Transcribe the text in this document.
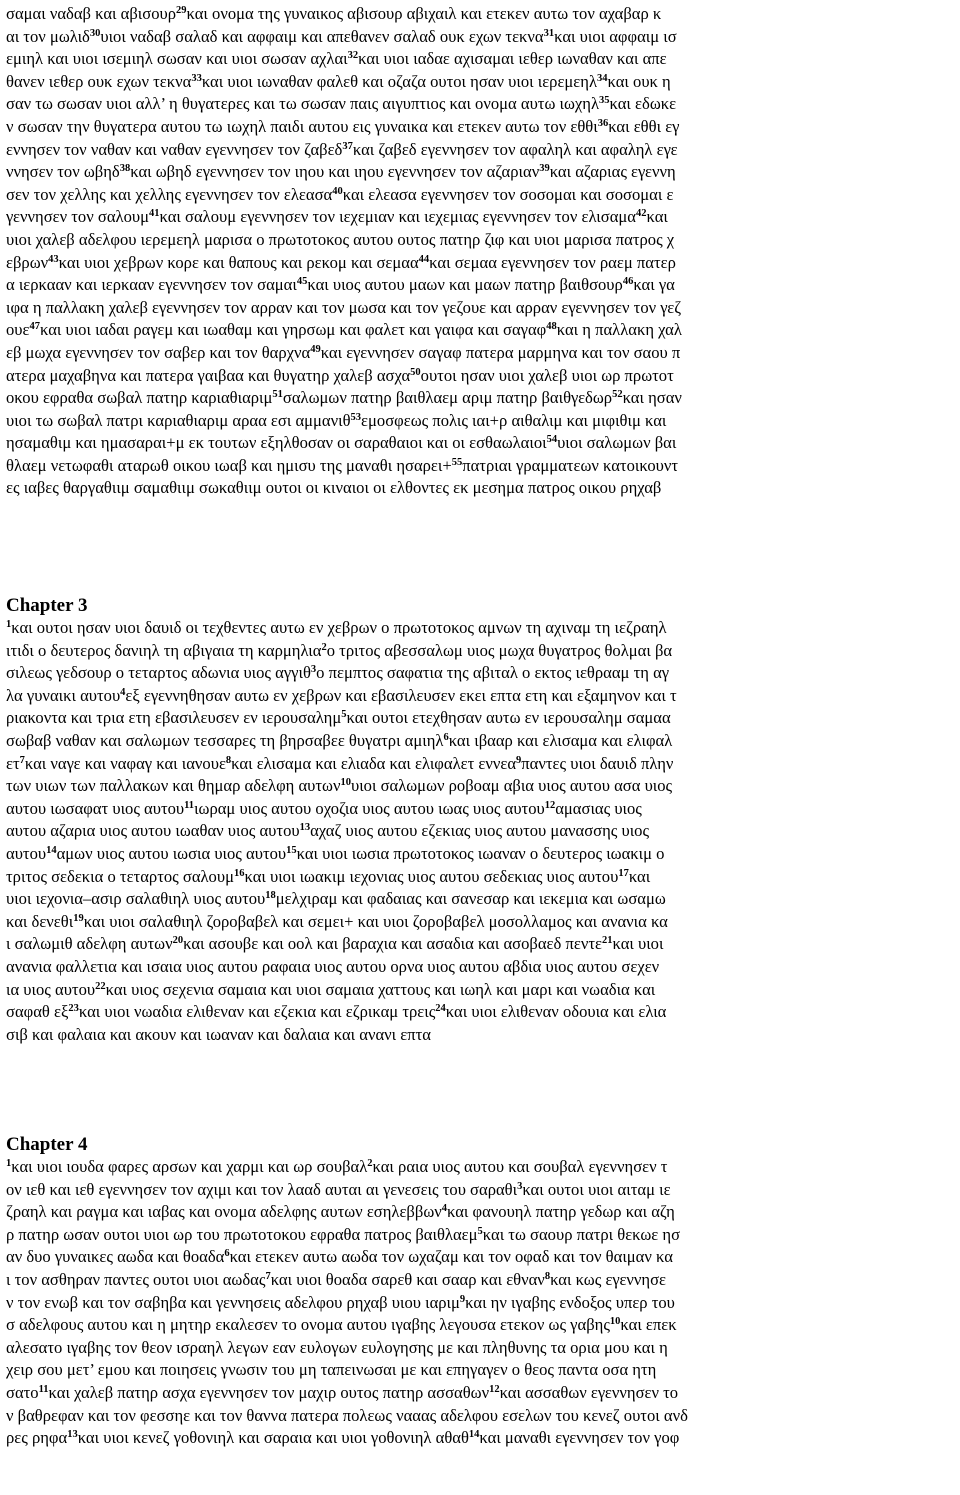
σαμαι ναδαβ και αβισουρ$^{29}$και ονομα της γυναικος αβισουρ αβιχαιλ και ετεκεν αυτω τον αχαβαρ κ
αι τον μωλιδ$^{30}$υιοι ναδαβ σαλαδ και αφφαιμ και απεθανεν σαλαδ ουκ εχων τεκνα$^{31}$και υιοι αφφαιμ ισ
εμιηλ και υιοι ισεμιηλ σωσαν και υιοι σωσαν αχλαι$^{32}$και υιοι ιαδαε αχισαμαι ιεθερ ιωναθαν και απε
θανεν ιεθερ ουκ εχων τεκνα$^{33}$και υιοι ιωναθαν φαλεθ και οζαζα ουτοι ησαν υιοι ιερεμεηλ$^{34}$και ουκ η
σαν τω σωσαν υιοι αλλ’ η θυγατερες και τω σωσαν παις αιγυπτιος και ονομα αυτω ιωχηλ$^{35}$και εδωκε
ν σωσαν την θυγατερα αυτου τω ιωχηλ παιδι αυτου εις γυναικα και ετεκεν αυτω τον εθθι$^{36}$και εθθι εγ
εννησεν τον ναθαν και ναθαν εγεννησεν τον ζαβεδ$^{37}$και ζαβεδ εγεννησεν τον αφαληλ και αφαληλ εγε
ννησεν τον ωβηδ$^{38}$και ωβηδ εγεννησεν τον ιηου και ιηου εγεννησεν τον αζαριαν$^{39}$και αζαριας εγεννη
σεν τον χελλης και χελλης εγεννησεν τον ελεασα$^{40}$και ελεασα εγεννησεν τον σοσομαι και σοσομαι ε
γεννησεν τον σαλουμ$^{41}$και σαλουμ εγεννησεν τον ιεχεμιαν και ιεχεμιας εγεννησεν τον ελισαμα$^{42}$και
υιοι χαλεβ αδελφου ιερεμεηλ μαρισα ο πρωτοτοκος αυτου ουτος πατηρ ζιφ και υιοι μαρισα πατρος χ
εβρων$^{43}$και υιοι χεβρων κορε και θαπους και ρεκομ και σεμαα$^{44}$και σεμαα εγεννησεν τον ραεμ πατερ
α ιερκααν και ιερκααν εγεννησεν τον σαμαι$^{45}$και υιος αυτου μαων και μαων πατηρ βαιθσουρ$^{46}$και γα
ιφα η παλλακη χαλεβ εγεννησεν τον αρραν και τον μωσα και τον γεζουε και αρραν εγεννησεν τον γεζ
ουε$^{47}$και υιοι ιαδαι ραγεμ και ιωαθαμ και γηρσωμ και φαλετ και γαιφα και σαγαφ$^{48}$και η παλλακη χαλ
εβ μωχα εγεννησεν τον σαβερ και τον θαρχνα$^{49}$και εγεννησεν σαγαφ πατερα μαρμηνα και τον σαου π
ατερα μαχαβηνα και πατερα γαιβαα και θυγατηρ χαλεβ ασχα$^{50}$ουτοι ησαν υιοι χαλεβ υιοι ωρ πρωτοτ
οκου εφραθα σωβαλ πατηρ καριαθιαριμ$^{51}$σαλωμων πατηρ βαιθλαεμ αριμ πατηρ βαιθγεδωρ$^{52}$και ησαν
υιοι τω σωβαλ πατρι καριαθιαριμ αραα εσι αμμανιθ$^{53}$εμοσφεως πολις ιαι+ρ αιθαλιμ και μιφιθιμ και
ησαμαθιμ και ημασαραι+μ εκ τουτων εξηλθοσαν οι σαραθαιοι και οι εσθαωλαιοι$^{54}$υιοι σαλωμων βαι
θλαεμ νετωφαθι αταρωθ οικου ιωαβ και ημισυ της μαναθι ησαρει+$^{55}$πατριαι γραμματεων κατοικουντ
ες ιαβες θαργαθιιμ σαμαθιιμ σωκαθιιμ ουτοι οι κιναιοι οι ελθοντες εκ μεσημα πατρος οικου ρηχαβ
Chapter 3
$^1$και ουτοι ησαν υιοι δαυιδ οι τεχθεντες αυτω εν χεβρων ο πρωτοτοκος αμνων τη αχιναμ τη ιεζραηλ
ιτιδι ο δευτερος δανιηλ τη αβιγαια τη καρμηλια$^2$ο τριτος αβεσσαλωμ υιος μωχα θυγατρος θολμαι βα
σιλεως γεδσουρ ο τεταρτος αδωνια υιος αγγιθ$^3$ο πεμπτος σαφατια της αβιταλ ο εκτος ιεθρααμ τη αγ
λα γυναικι αυτου$^4$εξ εγεννηθησαν αυτω εν χεβρων και εβασιλευσεν εκει επτα ετη και εξαμηνον και τ
ριακοντα και τρια ετη εβασιλευσεν εν ιερουσαλημ$^5$και ουτοι ετεχθησαν αυτω εν ιερουσαλημ σαμαα
σωβαβ ναθαν και σαλωμων τεσσαρες τη βηρσαβεε θυγατρι αμιηλ$^6$και ιβααρ και ελισαμα και ελιφαλ
$\varepsilon\tau^7\kappa\alpha\iota$ ναγε και ναφαγ και ιανουε$^8$και ελισαμα και ελιαδα και ελιφαλετ εννεα$^9$παντες υιοι δαυιδ πλην
των υιων των παλλακων και θημαρ αδελφη αυτων$^{10}$υιοι σαλωμων ροβοαμ αβια υιος αυτου ασα υιος
αυτου ιωσαφατ υιος αυτου$^{11}$ιωραμ υιος αυτου οχοζια υιος αυτου ιωας υιος αυτου$^{12}$αμασιας υιος
αυτου αζαρια υιος αυτου ιωαθαν υιος αυτου$^{13}$αχαζ υιος αυτου εζεκιας υιος αυτου μανασσης υιος
αυτου$^{14}$αμων υιος αυτου ιωσια υιος αυτου$^{15}$και υιοι ιωσια πρωτοτοκος ιωαναν ο δευτερος ιωακιμ ο
τριτος σεδεκια ο τεταρτος σαλουμ$^{16}$και υιοι ιωακιμ ιεχονιας υιος αυτου σεδεκιας υιος αυτου$^{17}$και
υιοι ιεχονια–ασιρ σαλαθιηλ υιος αυτου$^{18}$μελχιραμ και φαδαιας και σανεσαρ και ιεκεμια και ωσαμω
και δενεθι$^{19}$και υιοι σαλαθιηλ ζοροβαβελ και σεμει+ και υιοι ζοροβαβελ μοσολλαμος και ανανια κα
ι σαλωμιθ αδελφη αυτων$^{20}$και ασουβε και οολ και βαραχια και ασαδια και ασοβαεδ πεντε$^{21}$και υιοι
ανανια φαλλετια και ισαια υιος αυτου ραφαια υιος αυτου ορνα υιος αυτου αβδια υιος αυτου σεχεν
ια υιος αυτου$^{22}$και υιος σεχενια σαμαια και υιοι σαμαια χαττους και ιωηλ και μαρι και νωαδια και
σαφαθ $\varepsilon\xi^{23}\kappa\alpha\iota$ υιοι νωαδια ελιθεναν και εζεκια και εζρικαμ τρεις$^{24}$και υιοι ελιθεναν οδουια και ελια
σιβ και φαλαια και ακουν και ιωαναν και δαλαια και ανανι επτα
Chapter 4
$^1$και υιοι ιουδα φαρες αρσων και χαρμι και ωρ σουβαλ$^2$και ραια υιος αυτου και σουβαλ εγεννησεν τ
ον ιεθ και ιεθ εγεννησεν τον αχιμι και τον λααδ αυται αι γενεσεις του σαραθι$^3$και ουτοι υιοι αιταμ ιε
ζραηλ και ραγμα και ιαβας και ονομα αδελφης αυτων εσηλεββων$^4$και φανουηλ πατηρ γεδωρ και αζη
ρ πατηρ ωσαν ουτοι υιοι ωρ του πρωτοτοκου εφραθα πατρος βαιθλαεμ$^5$και τω σαουρ πατρι θεκωε ησ
αν δυο γυναικες αωδα και θοαδα$^6$και ετεκεν αυτω αωδα τον ωχαζαμ και τον οφαδ και τον θαιμαν κα
ι τον ασθηραν παντες ουτοι υιοι αωδας$^7$και υιοι θοαδα σαρεθ και σααρ και εθναν$^8$και κως εγεννησε
ν τον ενωβ και τον σαβηβα και γεννησεις αδελφου ρηχαβ υιου ιαριμ$^9$και ην ιγαβης ενδοξος υπερ του
σ αδελφους αυτου και η μητηρ εκαλεσεν το ονομα αυτου ιγαβης λεγουσα ετεκον ως γαβης$^{10}$και επεκ
αλεσατο ιγαβης τον θεον ισραηλ λεγων εαν ευλογων ευλογησης με και πληθυνης τα ορια μου και η
χειρ σου μετ’ εμου και ποιησεις γνωσιν του μη ταπεινωσαι με και επηγαγεν ο θεος παντα οσα ητη
σατο$^{11}$και χαλεβ πατηρ ασχα εγεννησεν τον μαχιρ ουτος πατηρ ασσαθων$^{12}$και ασσαθων εγεννησεν το
ν βαθρεφαν και τον φεσσηε και τον θαννα πατερα πολεως νααας αδελφου εσελων του κενεζ ουτοι ανδ
ρες ρηφα$^{13}$και υιοι κενεζ γοθονιηλ και σαραια και υιοι γοθονιηλ αθαθ$^{14}$και μαναθι εγεννησεν τον γοφ
